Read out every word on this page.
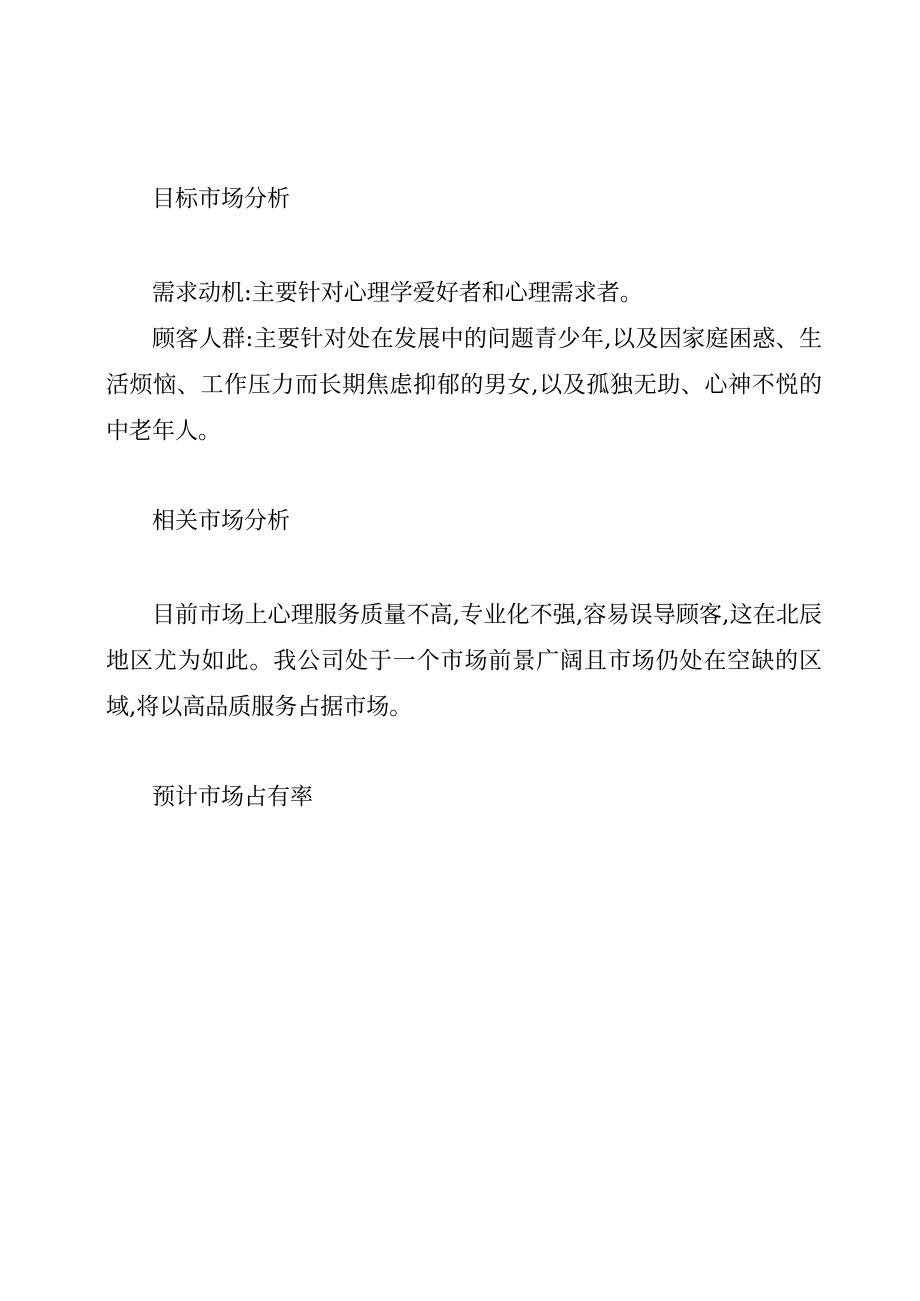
目标市场分析

需求动机:主要针对心理学爱好者和心理需求者。

顾客人群:主要针对处在发展中的问题青少年,以及因家庭困惑、生活烦恼、工作压力而长期焦虑抑郁的男女,以及孤独无助、心神不悦的中老年人。

相关市场分析

目前市场上心理服务质量不高,专业化不强,容易误导顾客,这在北辰地区尤为如此。我公司处于一个市场前景广阔且市场仍处在空缺的区域,将以高品质服务占据市场。

预计市场占有率
